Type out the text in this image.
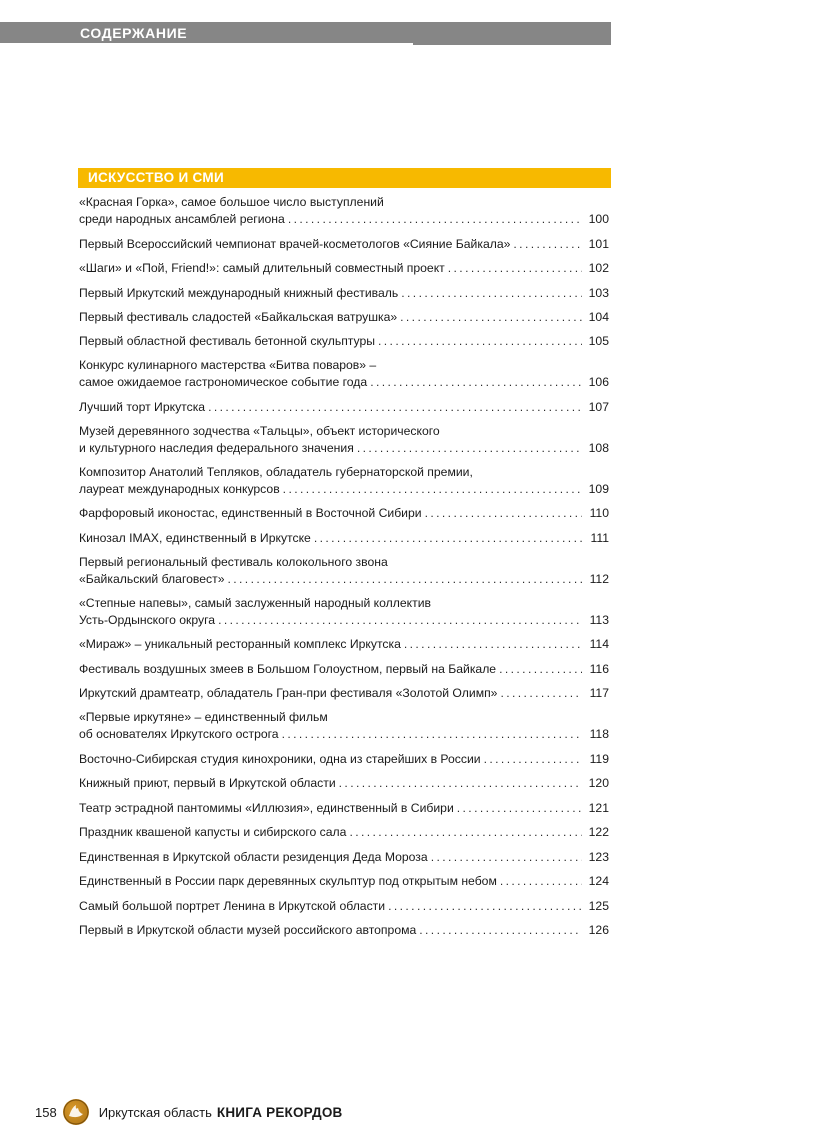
СОДЕРЖАНИЕ
ИСКУССТВО И СМИ
«Красная Горка», самое большое число выступлений
среди народных ансамблей региона . . .	100
Первый Всероссийский чемпионат врачей-косметологов «Сияние Байкала» . . .	101
«Шаги» и «Пой, Friend!»: самый длительный совместный проект . . .	102
Первый Иркутский международный книжный фестиваль . . .	103
Первый фестиваль сладостей «Байкальская ватрушка» . . .	104
Первый областной фестиваль бетонной скульптуры . . .	105
Конкурс кулинарного мастерства «Битва поваров» –
самое ожидаемое гастрономическое событие года . . .	106
Лучший торт Иркутска . . .	107
Музей деревянного зодчества «Тальцы», объект исторического
и культурного наследия федерального значения . . .	108
Композитор Анатолий Тепляков, обладатель губернаторской премии,
лауреат международных конкурсов . . .	109
Фарфоровый иконостас, единственный в Восточной Сибири . . .	110
Кинозал IMAX, единственный в Иркутске . . .	111
Первый региональный фестиваль колокольного звона
«Байкальский благовест» . . .	112
«Степные напевы», самый заслуженный народный коллектив
Усть-Ордынского округа . . .	113
«Мираж» – уникальный ресторанный комплекс Иркутска . . .	114
Фестиваль воздушных змеев в Большом Голоустном, первый на Байкале . . .	116
Иркутский драмтеатр, обладатель Гран-при фестиваля «Золотой Олимп» . . .	117
«Первые иркутяне» – единственный фильм
об основателях Иркутского острога . . .	118
Восточно-Сибирская студия кинохроники, одна из старейших в России . . .	119
Книжный приют, первый в Иркутской области . . .	120
Театр эстрадной пантомимы «Иллюзия», единственный в Сибири . . .	121
Праздник квашеной капусты и сибирского сала . . .	122
Единственная в Иркутской области резиденция Деда Мороза . . .	123
Единственный в России парк деревянных скульптур под открытым небом . . .	124
Самый большой портрет Ленина в Иркутской области . . .	125
Первый в Иркутской области музей российского автопрома . . .	126
158	Иркутская область КНИГА РЕКОРДОВ
